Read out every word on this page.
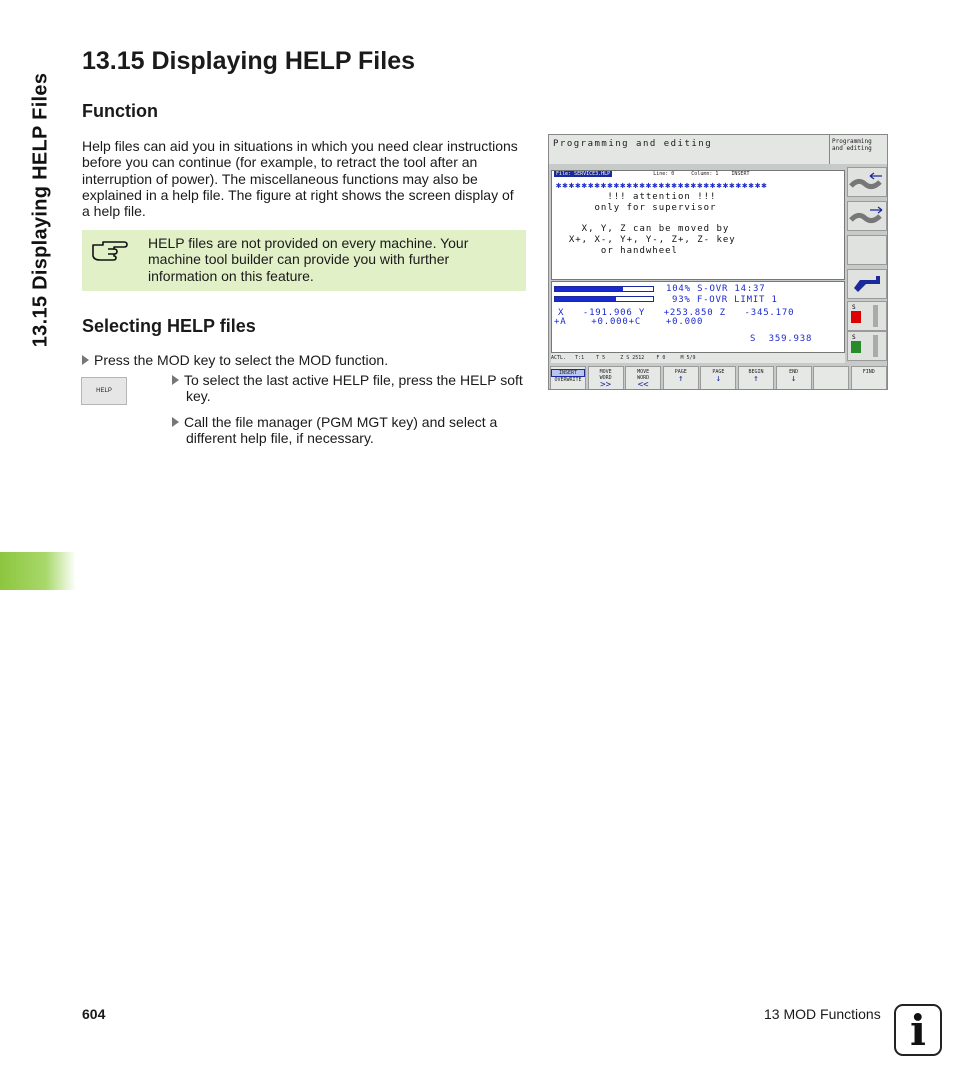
13.15 Displaying HELP Files
13.15 Displaying HELP Files
Function
Help files can aid you in situations in which you need clear instructions
before you can continue (for example, to retract the tool after an
interruption of power). The miscellaneous functions may also be
explained in a help file. The figure at right shows the screen display of
a help file.
HELP files are not provided on every machine. Your
machine tool builder can provide you with further
information on this feature.
Selecting HELP files
Press the MOD key to select the MOD function.
HELP
To select the last active HELP file, press the HELP soft
key.
Call the file manager (PGM MGT key) and select a
different help file, if necessary.
Programming and editing	Programming
and editing
File: SERVICE3.HLP	Line: 0	Column: 1	INSERT
✱✱✱✱✱✱✱✱✱✱✱✱✱✱✱✱✱✱✱✱✱✱✱✱✱✱✱✱✱✱✱✱✱
!!! attention !!!
only for supervisor
X, Y, Z can be moved by
X+, X-, Y+, Y-, Z+, Z- key
or handwheel
104% S-OVR 14:37
93% F-OVR LIMIT 1
X   -191.906 Y   +253.850 Z   -345.170
+A    +0.000+C    +0.000
S  359.938
ACTL.   T:1    T 5     Z S 2512    F 0     M 5/9
S
S
INSERT
OVERWRITE
MOVE
WORD
>>
MOVE
WORD
<<
PAGE
↑
PAGE
↓
BEGIN
↑
END
↓
FIND
604	13 MOD Functions i
